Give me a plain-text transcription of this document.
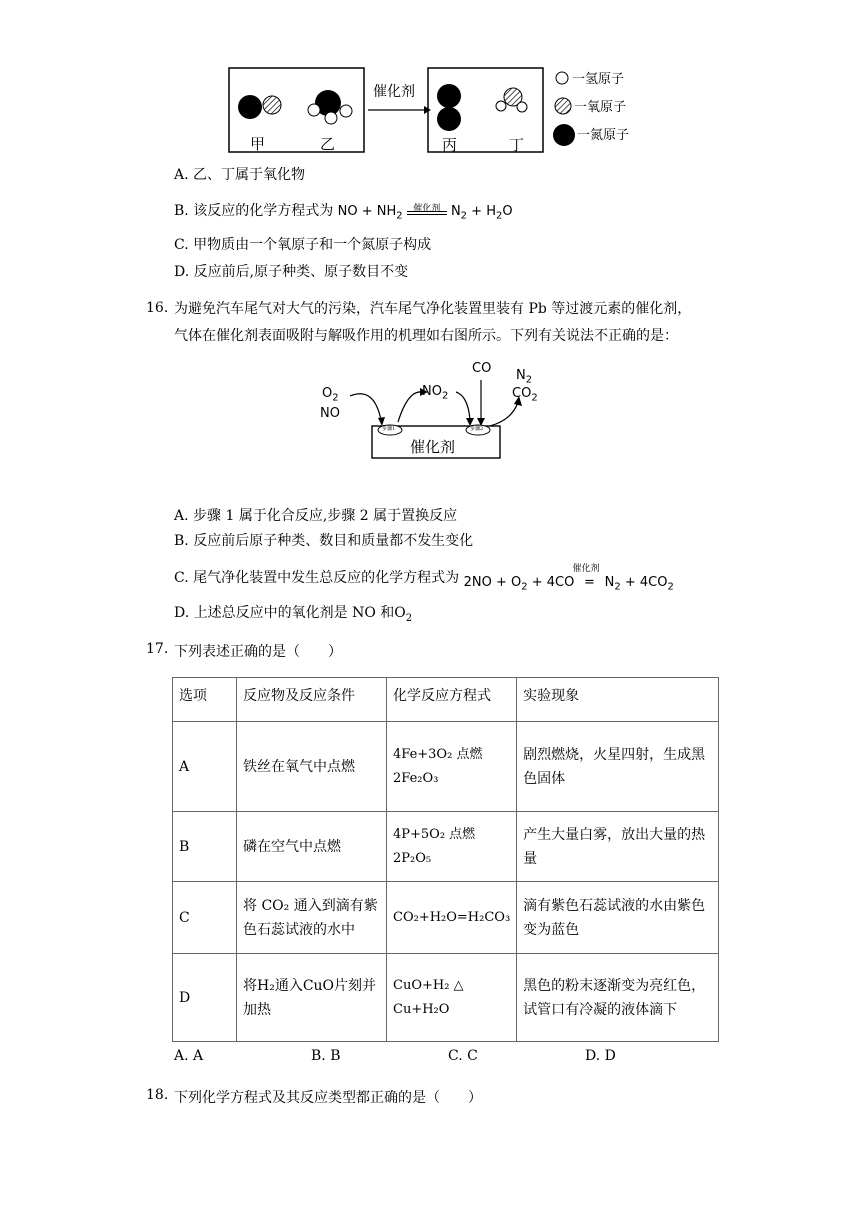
甲	乙
催化剂
丙	丁
一氢原子
一氧原子
一氮原子
A. 乙、丁属于氧化物
B. 该反应的化学方程式为 NO + $NH_2$
催化剂 $N_2 + H_2O$
C. 甲物质由一个氧原子和一个氮原子构成
D. 反应前后,原子种类、原子数目不变
16. 为避免汽车尾气对大气的污染，汽车尾气净化装置里装有 Pb 等过渡元素的催化剂，
气体在催化剂表面吸附与解吸作用的机理如右图所示。下列有关说法不正确的是：
$O_2$
NO
$NO_2$
CO $N_2$
$CO_2$
步骤1	步骤2
催化剂
A. 步骤 1 属于化合反应,步骤 2 属于置换反应
B. 反应前后原子种类、数目和质量都不发生变化
C. 尾气净化装置中发生总反应的化学方程式为 $2NO + O_2 + 4CO$
催化剂
= $N_2 + 4CO_2$
D. 上述总反应中的氧化剂是 NO 和$O_2$
17. 下列表述正确的是（　　）
选项	反应物及反应条件	化学反应方程式	实验现象
A	铁丝在氧气中点燃	4Fe+3O₂ 点燃 2Fe₂O₃	剧烈燃烧，火星四射，生成黑色固体
B	磷在空气中点燃	4P+5O₂ 点燃 2P₂O₅	产生大量白雾，放出大量的热量
C	将 CO₂ 通入到滴有紫色石蕊试液的水中	CO₂+H₂O=H₂CO₃	滴有紫色石蕊试液的水由紫色变为蓝色
D	将H₂通入CuO片刻并加热	CuO+H₂ △ Cu+H₂O	黑色的粉末逐渐变为亮红色，试管口有冷凝的液体滴下
A. A	B. B	C. C	D. D
18. 下列化学方程式及其反应类型都正确的是（　　）
